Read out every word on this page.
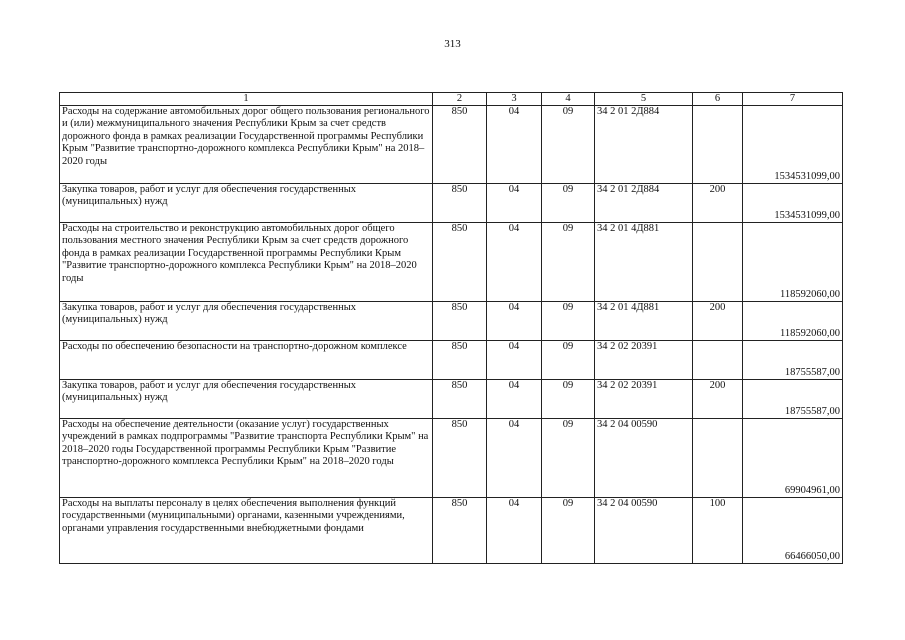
313
1	2	3	4	5	6	7
Расходы на содержание автомобильных дорог общего пользования регионального и (или) межмуниципального значения Республики Крым за счет средств дорожного фонда в рамках реализации Государственной программы Республики Крым "Развитие транспортно-дорожного комплекса Республики Крым" на 2018–2020 годы	850	04	09	34 2 01 2Д884		1534531099,00
Закупка товаров, работ и услуг для обеспечения государственных (муниципальных) нужд	850	04	09	34 2 01 2Д884	200	1534531099,00
Расходы на строительство и реконструкцию автомобильных дорог общего пользования местного значения Республики Крым за счет средств дорожного фонда в рамках реализации Государственной программы Республики Крым "Развитие транспортно-дорожного комплекса Республики Крым" на 2018–2020 годы	850	04	09	34 2 01 4Д881		118592060,00
Закупка товаров, работ и услуг для обеспечения государственных (муниципальных) нужд	850	04	09	34 2 01 4Д881	200	118592060,00
Расходы по обеспечению безопасности на транспортно-дорожном комплексе	850	04	09	34 2 02 20391		18755587,00
Закупка товаров, работ и услуг для обеспечения государственных (муниципальных) нужд	850	04	09	34 2 02 20391	200	18755587,00
Расходы на обеспечение деятельности (оказание услуг) государственных учреждений в рамках подпрограммы "Развитие транспорта Республики Крым" на 2018–2020 годы Государственной программы Республики Крым "Развитие транспортно-дорожного комплекса Республики Крым" на 2018–2020 годы	850	04	09	34 2 04 00590		69904961,00
Расходы на выплаты персоналу в целях обеспечения выполнения функций государственными (муниципальными) органами, казенными учреждениями, органами управления государственными внебюджетными фондами	850	04	09	34 2 04 00590	100	66466050,00
